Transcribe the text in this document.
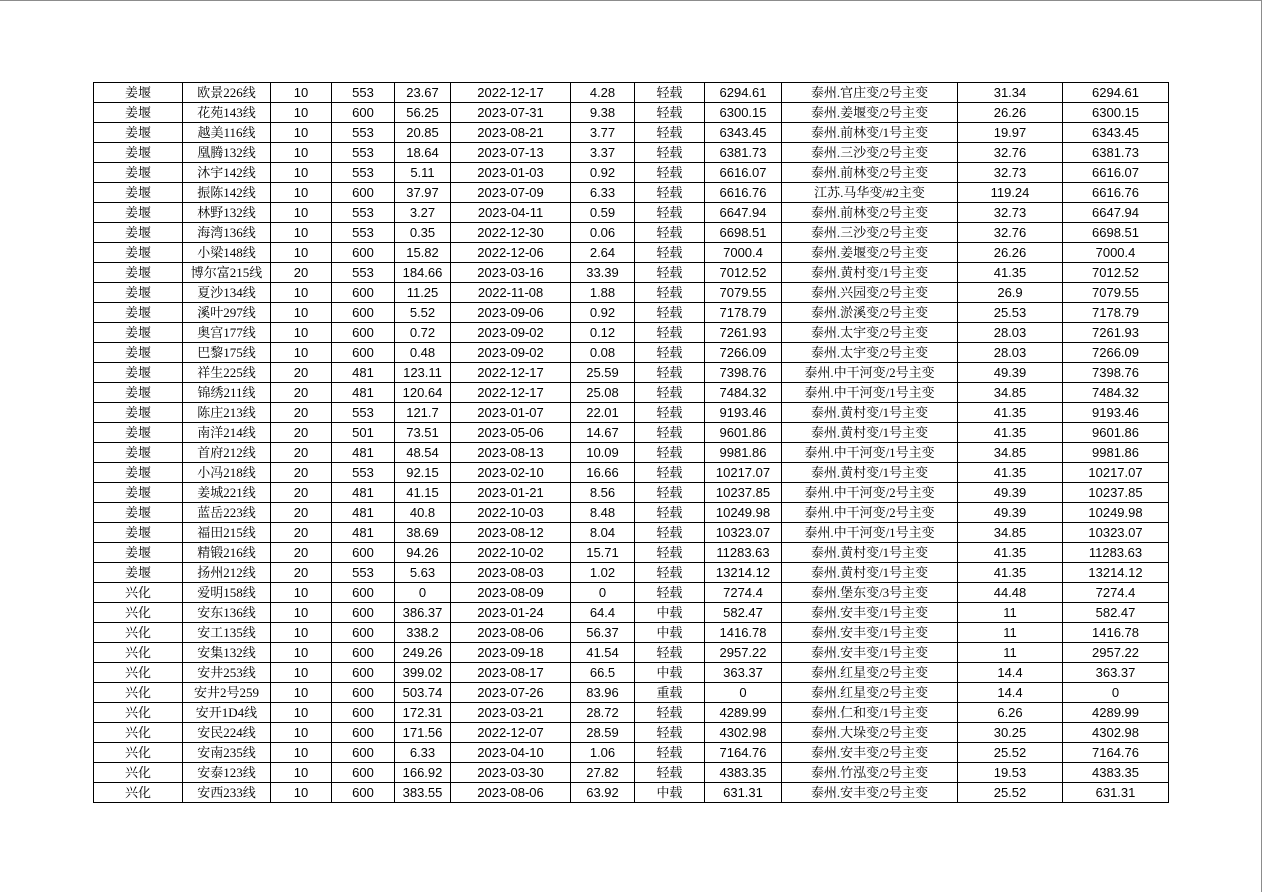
姜堰	欧景226线	10	553	23.67	2022-12-17	4.28	轻载	6294.61	泰州.官庄变/2号主变	31.34	6294.61
姜堰	花苑143线	10	600	56.25	2023-07-31	9.38	轻载	6300.15	泰州.姜堰变/2号主变	26.26	6300.15
姜堰	越美116线	10	553	20.85	2023-08-21	3.77	轻载	6343.45	泰州.前林变/1号主变	19.97	6343.45
姜堰	凰腾132线	10	553	18.64	2023-07-13	3.37	轻载	6381.73	泰州.三沙变/2号主变	32.76	6381.73
姜堰	沐宇142线	10	553	5.11	2023-01-03	0.92	轻载	6616.07	泰州.前林变/2号主变	32.73	6616.07
姜堰	振陈142线	10	600	37.97	2023-07-09	6.33	轻载	6616.76	江苏.马华变/#2主变	119.24	6616.76
姜堰	林野132线	10	553	3.27	2023-04-11	0.59	轻载	6647.94	泰州.前林变/2号主变	32.73	6647.94
姜堰	海湾136线	10	553	0.35	2022-12-30	0.06	轻载	6698.51	泰州.三沙变/2号主变	32.76	6698.51
姜堰	小梁148线	10	600	15.82	2022-12-06	2.64	轻载	7000.4	泰州.姜堰变/2号主变	26.26	7000.4
姜堰	博尔富215线	20	553	184.66	2023-03-16	33.39	轻载	7012.52	泰州.黄村变/1号主变	41.35	7012.52
姜堰	夏沙134线	10	600	11.25	2022-11-08	1.88	轻载	7079.55	泰州.兴园变/2号主变	26.9	7079.55
姜堰	溪叶297线	10	600	5.52	2023-09-06	0.92	轻载	7178.79	泰州.淤溪变/2号主变	25.53	7178.79
姜堰	奥宫177线	10	600	0.72	2023-09-02	0.12	轻载	7261.93	泰州.太宇变/2号主变	28.03	7261.93
姜堰	巴黎175线	10	600	0.48	2023-09-02	0.08	轻载	7266.09	泰州.太宇变/2号主变	28.03	7266.09
姜堰	祥生225线	20	481	123.11	2022-12-17	25.59	轻载	7398.76	泰州.中干河变/2号主变	49.39	7398.76
姜堰	锦绣211线	20	481	120.64	2022-12-17	25.08	轻载	7484.32	泰州.中干河变/1号主变	34.85	7484.32
姜堰	陈庄213线	20	553	121.7	2023-01-07	22.01	轻载	9193.46	泰州.黄村变/1号主变	41.35	9193.46
姜堰	南洋214线	20	501	73.51	2023-05-06	14.67	轻载	9601.86	泰州.黄村变/1号主变	41.35	9601.86
姜堰	首府212线	20	481	48.54	2023-08-13	10.09	轻载	9981.86	泰州.中干河变/1号主变	34.85	9981.86
姜堰	小冯218线	20	553	92.15	2023-02-10	16.66	轻载	10217.07	泰州.黄村变/1号主变	41.35	10217.07
姜堰	姜城221线	20	481	41.15	2023-01-21	8.56	轻载	10237.85	泰州.中干河变/2号主变	49.39	10237.85
姜堰	蓝岳223线	20	481	40.8	2022-10-03	8.48	轻载	10249.98	泰州.中干河变/2号主变	49.39	10249.98
姜堰	福田215线	20	481	38.69	2023-08-12	8.04	轻载	10323.07	泰州.中干河变/1号主变	34.85	10323.07
姜堰	精锻216线	20	600	94.26	2022-10-02	15.71	轻载	11283.63	泰州.黄村变/1号主变	41.35	11283.63
姜堰	扬州212线	20	553	5.63	2023-08-03	1.02	轻载	13214.12	泰州.黄村变/1号主变	41.35	13214.12
兴化	爱明158线	10	600	0	2023-08-09	0	轻载	7274.4	泰州.堡东变/3号主变	44.48	7274.4
兴化	安东136线	10	600	386.37	2023-01-24	64.4	中载	582.47	泰州.安丰变/1号主变	11	582.47
兴化	安工135线	10	600	338.2	2023-08-06	56.37	中载	1416.78	泰州.安丰变/1号主变	11	1416.78
兴化	安集132线	10	600	249.26	2023-09-18	41.54	轻载	2957.22	泰州.安丰变/1号主变	11	2957.22
兴化	安井253线	10	600	399.02	2023-08-17	66.5	中载	363.37	泰州.红星变/2号主变	14.4	363.37
兴化	安井2号259	10	600	503.74	2023-07-26	83.96	重载	0	泰州.红星变/2号主变	14.4	0
兴化	安开1D4线	10	600	172.31	2023-03-21	28.72	轻载	4289.99	泰州.仁和变/1号主变	6.26	4289.99
兴化	安民224线	10	600	171.56	2022-12-07	28.59	轻载	4302.98	泰州.大垛变/2号主变	30.25	4302.98
兴化	安南235线	10	600	6.33	2023-04-10	1.06	轻载	7164.76	泰州.安丰变/2号主变	25.52	7164.76
兴化	安泰123线	10	600	166.92	2023-03-30	27.82	轻载	4383.35	泰州.竹泓变/2号主变	19.53	4383.35
兴化	安西233线	10	600	383.55	2023-08-06	63.92	中载	631.31	泰州.安丰变/2号主变	25.52	631.31
